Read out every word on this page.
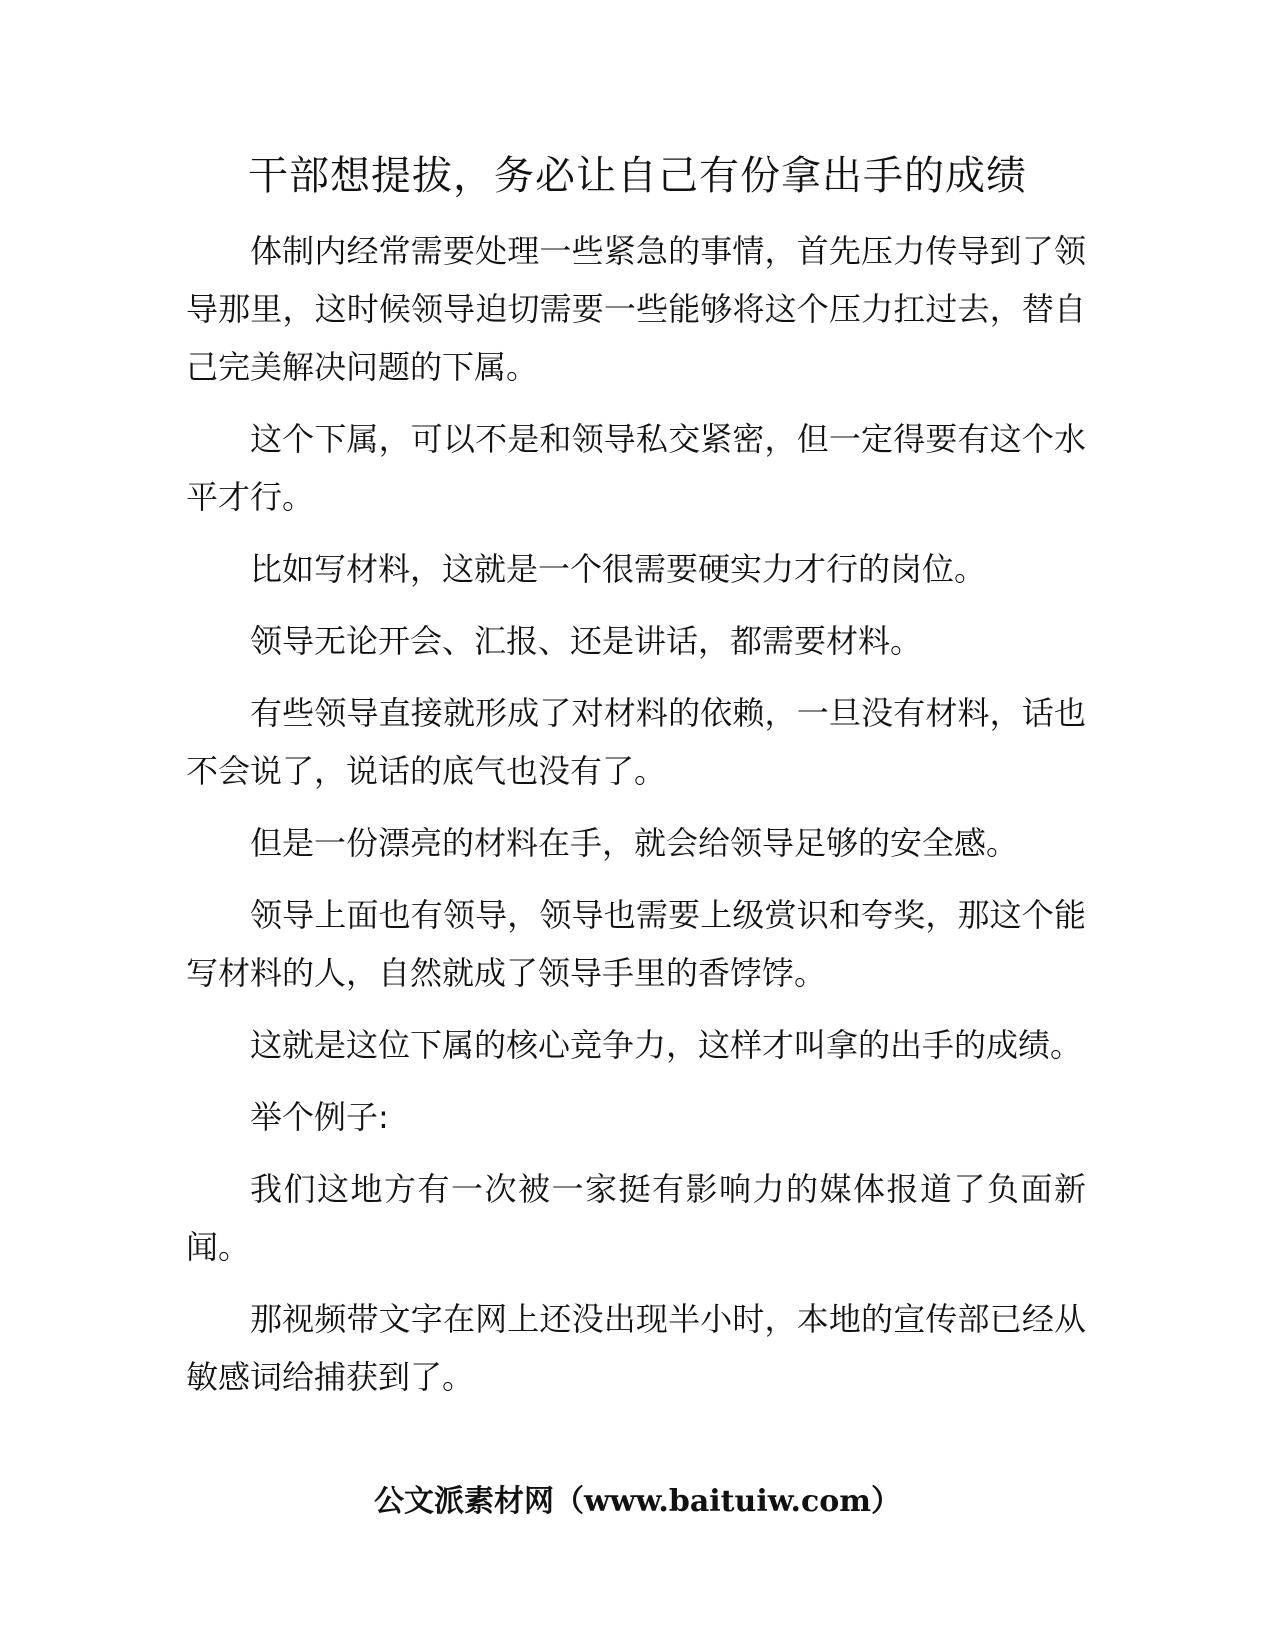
干部想提拔，务必让自己有份拿出手的成绩

体制内经常需要处理一些紧急的事情，首先压力传导到了领导那里，这时候领导迫切需要一些能够将这个压力扛过去，替自己完美解决问题的下属。

这个下属，可以不是和领导私交紧密，但一定得要有这个水平才行。

比如写材料，这就是一个很需要硬实力才行的岗位。

领导无论开会、汇报、还是讲话，都需要材料。

有些领导直接就形成了对材料的依赖，一旦没有材料，话也不会说了，说话的底气也没有了。

但是一份漂亮的材料在手，就会给领导足够的安全感。

领导上面也有领导，领导也需要上级赏识和夸奖，那这个能写材料的人，自然就成了领导手里的香饽饽。

这就是这位下属的核心竞争力，这样才叫拿的出手的成绩。

举个例子:

我们这地方有一次被一家挺有影响力的媒体报道了负面新闻。

那视频带文字在网上还没出现半小时，本地的宣传部已经从敏感词给捕获到了。

公文派素材网（www.baituiw.com）
